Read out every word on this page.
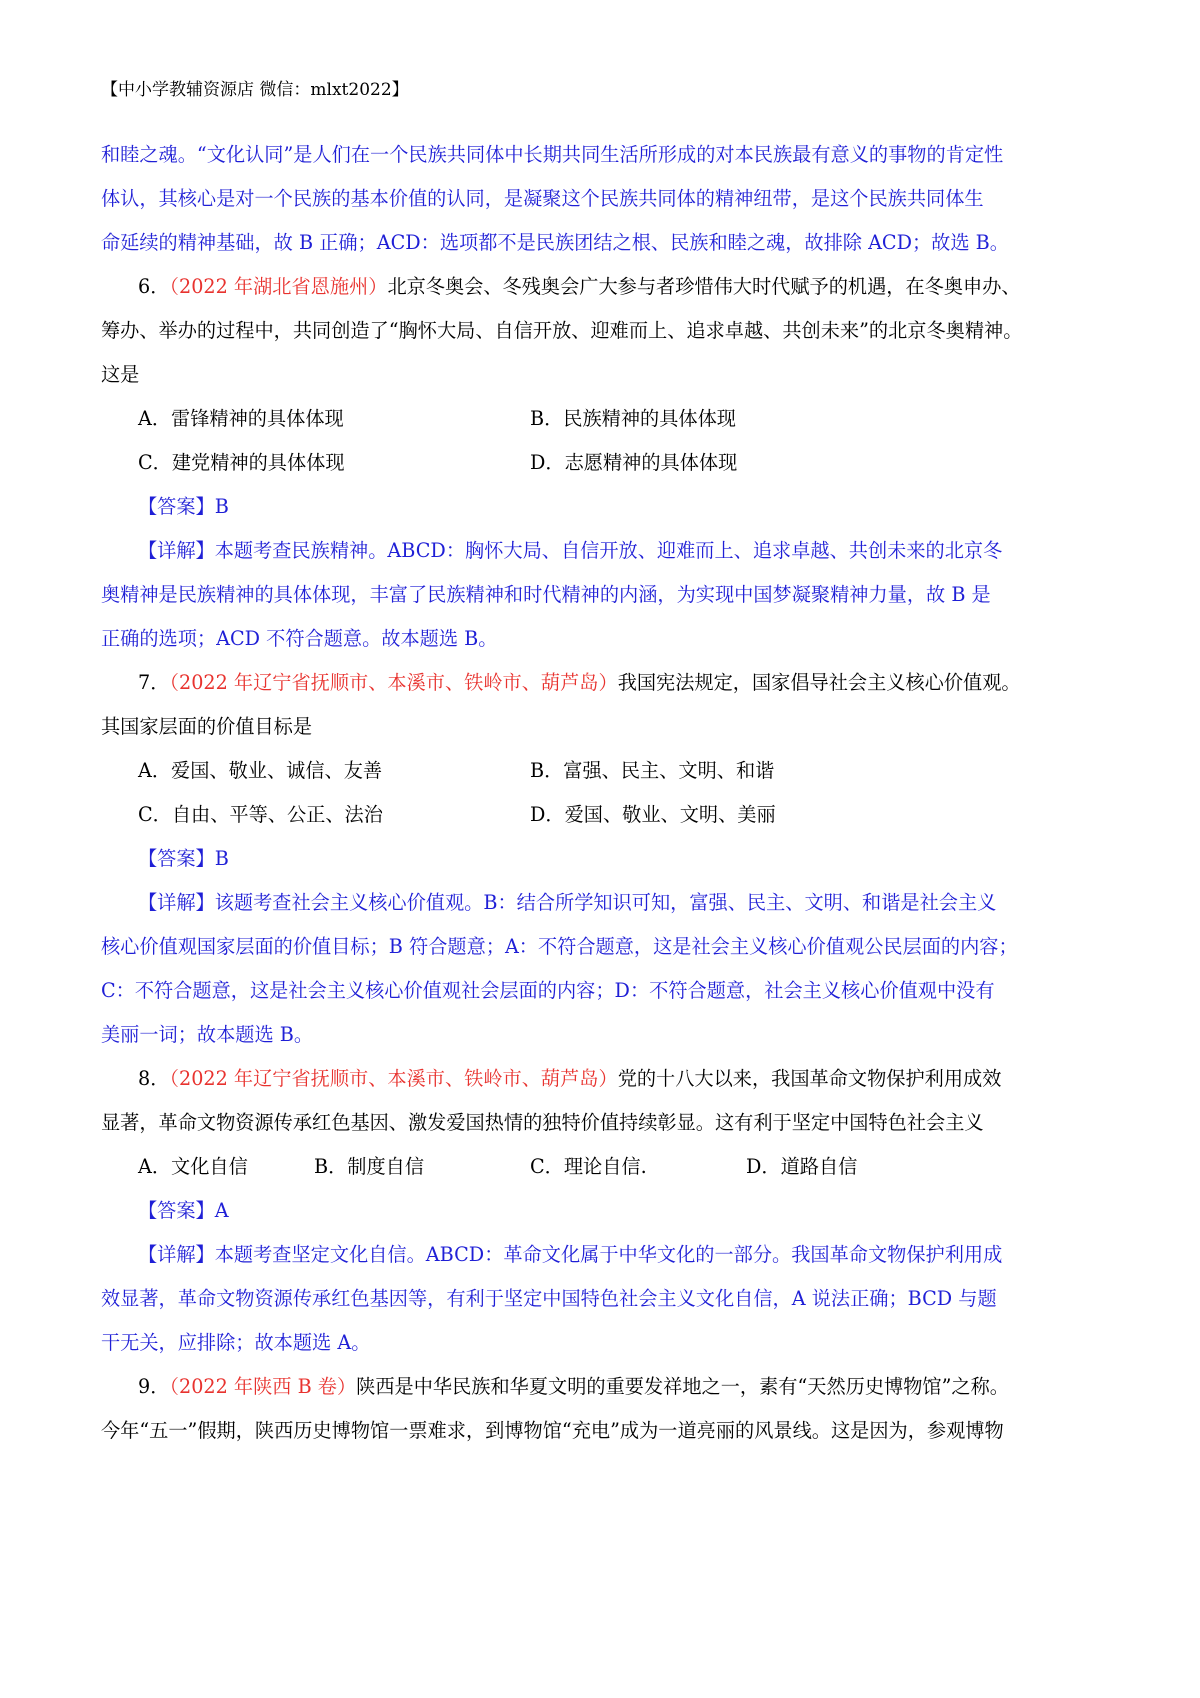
【中小学教辅资源店 微信：mlxt2022】
和睦之魂。“文化认同”是人们在一个民族共同体中长期共同生活所形成的对本民族最有意义的事物的肯定性
体认，其核心是对一个民族的基本价值的认同，是凝聚这个民族共同体的精神纽带，是这个民族共同体生
命延续的精神基础，故 B 正确；ACD：选项都不是民族团结之根、民族和睦之魂，故排除 ACD；故选 B。
6．（2022 年湖北省恩施州）北京冬奥会、冬残奥会广大参与者珍惜伟大时代赋予的机遇，在冬奥申办、
筹办、举办的过程中，共同创造了“胸怀大局、自信开放、迎难而上、追求卓越、共创未来”的北京冬奥精神。
这是
A．雷锋精神的具体体现	B．民族精神的具体体现
C．建党精神的具体体现	D．志愿精神的具体体现
【答案】B
【详解】本题考查民族精神。ABCD：胸怀大局、自信开放、迎难而上、追求卓越、共创未来的北京冬
奥精神是民族精神的具体体现，丰富了民族精神和时代精神的内涵，为实现中国梦凝聚精神力量，故 B 是
正确的选项；ACD 不符合题意。故本题选 B。
7．（2022 年辽宁省抚顺市、本溪市、铁岭市、葫芦岛）我国宪法规定，国家倡导社会主义核心价值观。
其国家层面的价值目标是
A．爱国、敬业、诚信、友善	B．富强、民主、文明、和谐
C．自由、平等、公正、法治	D．爱国、敬业、文明、美丽
【答案】B
【详解】该题考查社会主义核心价值观。B：结合所学知识可知，富强、民主、文明、和谐是社会主义
核心价值观国家层面的价值目标；B 符合题意；A：不符合题意，这是社会主义核心价值观公民层面的内容；
C：不符合题意，这是社会主义核心价值观社会层面的内容；D：不符合题意，社会主义核心价值观中没有
美丽一词；故本题选 B。
8．（2022 年辽宁省抚顺市、本溪市、铁岭市、葫芦岛）党的十八大以来，我国革命文物保护利用成效
显著，革命文物资源传承红色基因、激发爱国热情的独特价值持续彰显。这有利于坚定中国特色社会主义
A．文化自信	B．制度自信	C．理论自信.	D．道路自信
【答案】A
【详解】本题考查坚定文化自信。ABCD：革命文化属于中华文化的一部分。我国革命文物保护利用成
效显著，革命文物资源传承红色基因等，有利于坚定中国特色社会主义文化自信，A 说法正确；BCD 与题
干无关，应排除；故本题选 A。
9．（2022 年陕西 B 卷）陕西是中华民族和华夏文明的重要发祥地之一，素有“天然历史博物馆”之称。
今年“五一”假期，陕西历史博物馆一票难求，到博物馆“充电”成为一道亮丽的风景线。这是因为，参观博物
